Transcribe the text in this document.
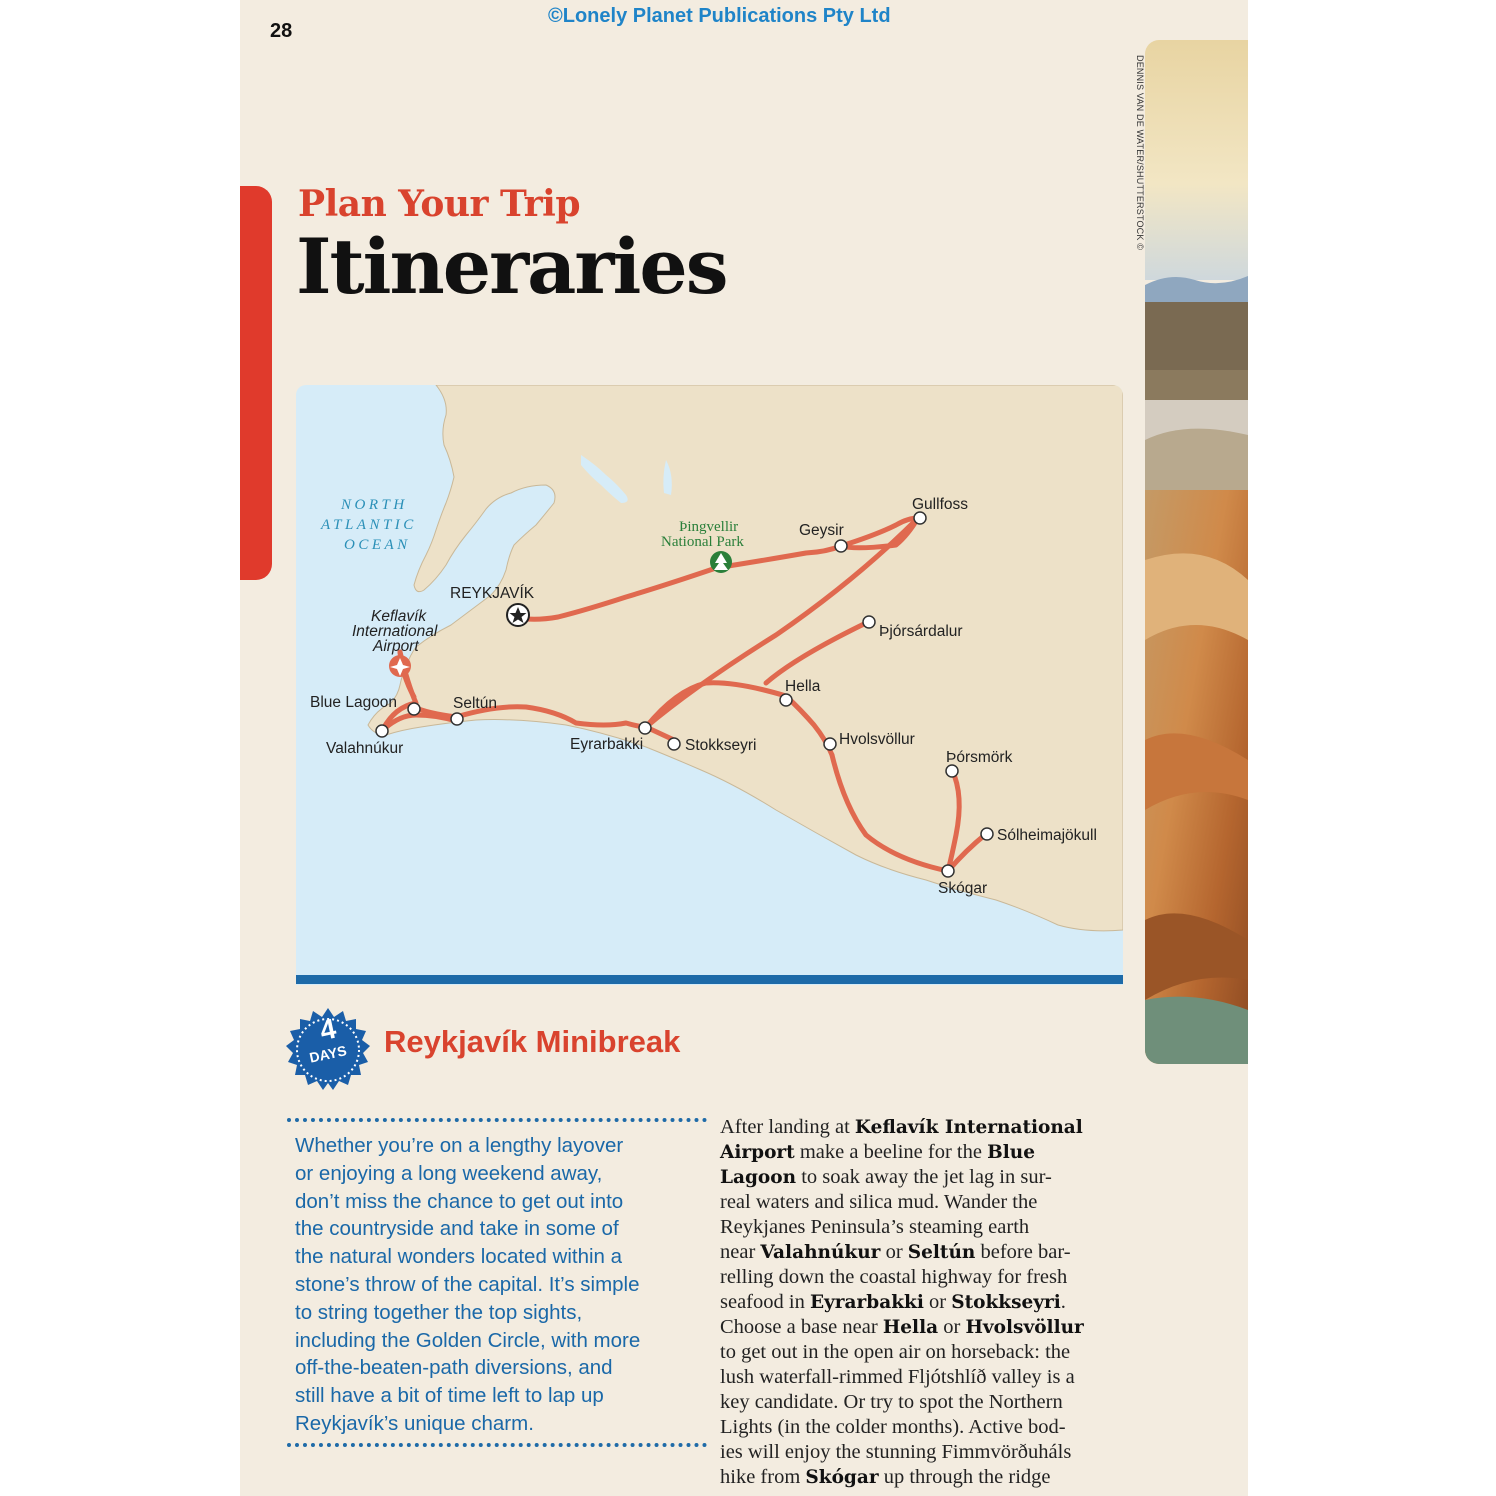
©Lonely Planet Publications Pty Ltd
28
Plan Your Trip
Itineraries
DENNIS VAN DE WATER/SHUTTERSTOCK ©
NORTH
ATLANTIC
OCEAN
REYKJAVÍK
Keflavík
International
Airport
Þingvellir
National Park
Gullfoss
Geysir
Þjórsárdalur
Hella
Hvolsvöllur
Þórsmörk
Sólheimajökull
Skógar
Blue Lagoon	Seltún
Valahnúkur	Eyrarbakki	Stokkseyri
4
DAYS	Reykjavík Minibreak
Whether you’re on a lengthy layover
or enjoying a long weekend away,
don’t miss the chance to get out into
the countryside and take in some of
the natural wonders located within a
stone’s throw of the capital. It’s simple
to string together the top sights,
including the Golden Circle, with more
off-the-beaten-path diversions, and
still have a bit of time left to lap up
Reykjavík’s unique charm.
After landing at Keflavík International
Airport make a beeline for the Blue
Lagoon to soak away the jet lag in sur-
real waters and silica mud. Wander the
Reykjanes Peninsula’s steaming earth
near Valahnúkur or Seltún before bar-
relling down the coastal highway for fresh
seafood in Eyrarbakki or Stokkseyri.
Choose a base near Hella or Hvolsvöllur
to get out in the open air on horseback: the
lush waterfall-rimmed Fljótshlíð valley is a
key candidate. Or try to spot the Northern
Lights (in the colder months). Active bod-
ies will enjoy the stunning Fimmvörðuháls
hike from Skógar up through the ridge
